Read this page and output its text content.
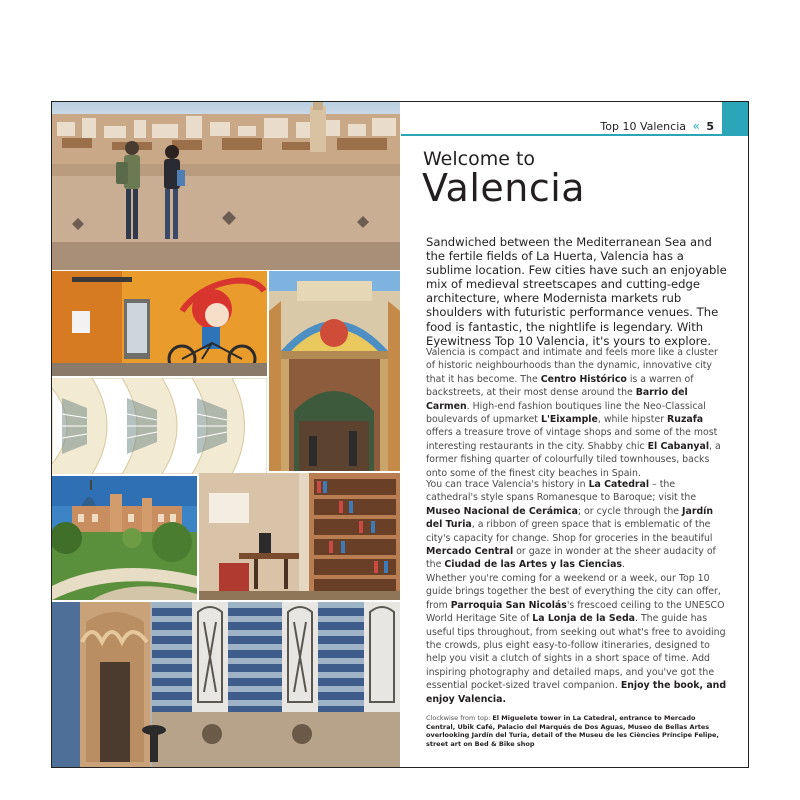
Top 10 Valencia « 5
Welcome to
Valencia
Sandwiched between the Mediterranean Sea and the fertile fields of La Huerta, Valencia has a sublime location. Few cities have such an enjoyable mix of medieval streetscapes and cutting-edge architecture, where Modernista markets rub shoulders with futuristic performance venues. The food is fantastic, the nightlife is legendary. With Eyewitness Top 10 Valencia, it's yours to explore.
Valencia is compact and intimate and feels more like a cluster of historic neighbourhoods than the dynamic, innovative city that it has become. The Centro Histórico is a warren of backstreets, at their most dense around the Barrio del Carmen. High-end fashion boutiques line the Neo-Classical boulevards of upmarket L'Eixample, while hipster Ruzafa offers a treasure trove of vintage shops and some of the most interesting restaurants in the city. Shabby chic El Cabanyal, a former fishing quarter of colourfully tiled townhouses, backs onto some of the finest city beaches in Spain.
You can trace Valencia's history in La Catedral – the cathedral's style spans Romanesque to Baroque; visit the Museo Nacional de Cerámica; or cycle through the Jardín del Turia, a ribbon of green space that is emblematic of the city's capacity for change. Shop for groceries in the beautiful Mercado Central or gaze in wonder at the sheer audacity of the Ciudad de las Artes y las Ciencias.
Whether you're coming for a weekend or a week, our Top 10 guide brings together the best of everything the city can offer, from Parroquia San Nicolás's frescoed ceiling to the UNESCO World Heritage Site of La Lonja de la Seda. The guide has useful tips throughout, from seeking out what's free to avoiding the crowds, plus eight easy-to-follow itineraries, designed to help you visit a clutch of sights in a short space of time. Add inspiring photography and detailed maps, and you've got the essential pocket-sized travel companion. Enjoy the book, and enjoy Valencia.
Clockwise from top: El Miguelete tower in La Catedral, entrance to Mercado Central, Ubik Café, Palacio del Marqués de Dos Aguas, Museo de Bellas Artes overlooking Jardín del Turia, detail of the Museu de les Ciències Príncipe Felipe, street art on Bed & Bike shop
